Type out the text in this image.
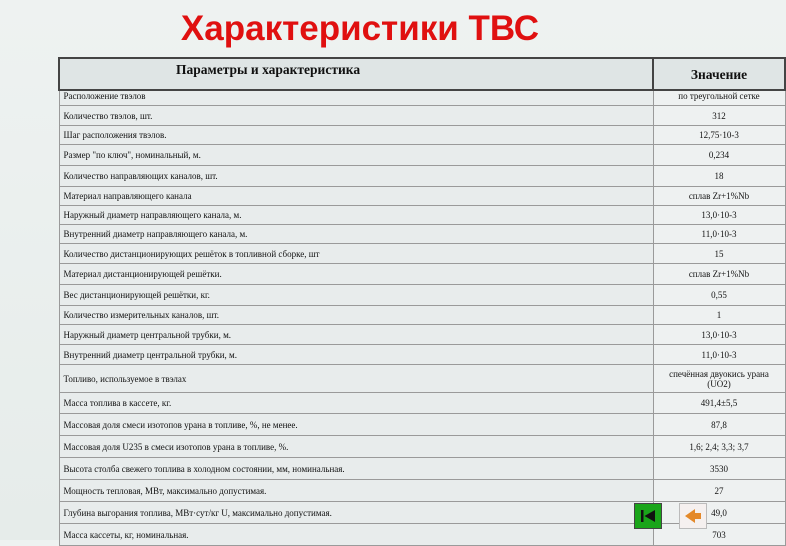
Характеристики ТВС
Параметры и характеристика	Значение
Расположение твэлов	по треугольной сетке
Количество твэлов, шт.	312
Шаг расположения твэлов.	12,75·10-3
Размер "по ключ", номинальный, м.	0,234
Количество направляющих каналов, шт.	18
Материал направляющего канала	сплав Zr+1%Nb
Наружный диаметр направляющего канала, м.	13,0·10-3
Внутренний диаметр направляющего канала, м.	11,0·10-3
Количество дистанционирующих решёток в топливной сборке, шт	15
Материал дистанционирующей решётки.	сплав Zr+1%Nb
Вес дистанционирующей решётки, кг.	0,55
Количество измерительных каналов, шт.	1
Наружный диаметр центральной трубки, м.	13,0·10-3
Внутренний диаметр центральной трубки, м.	11,0·10-3
Топливо, используемое в твэлах	спечённая двуокись урана (UO2)
Масса топлива в кассете, кг.	491,4±5,5
Массовая доля смеси изотопов урана в топливе, %, не менее.	87,8
Массовая доля U235 в смеси изотопов урана в топливе, %.	1,6; 2,4; 3,3; 3,7
Высота столба свежего топлива в холодном состоянии, мм, номинальная.	3530
Мощность тепловая, МВт, максимально допустимая.	27
Глубина выгорания топлива, МВт·сут/кг U, максимально допустимая.	49,0
Масса кассеты, кг, номинальная.	703
